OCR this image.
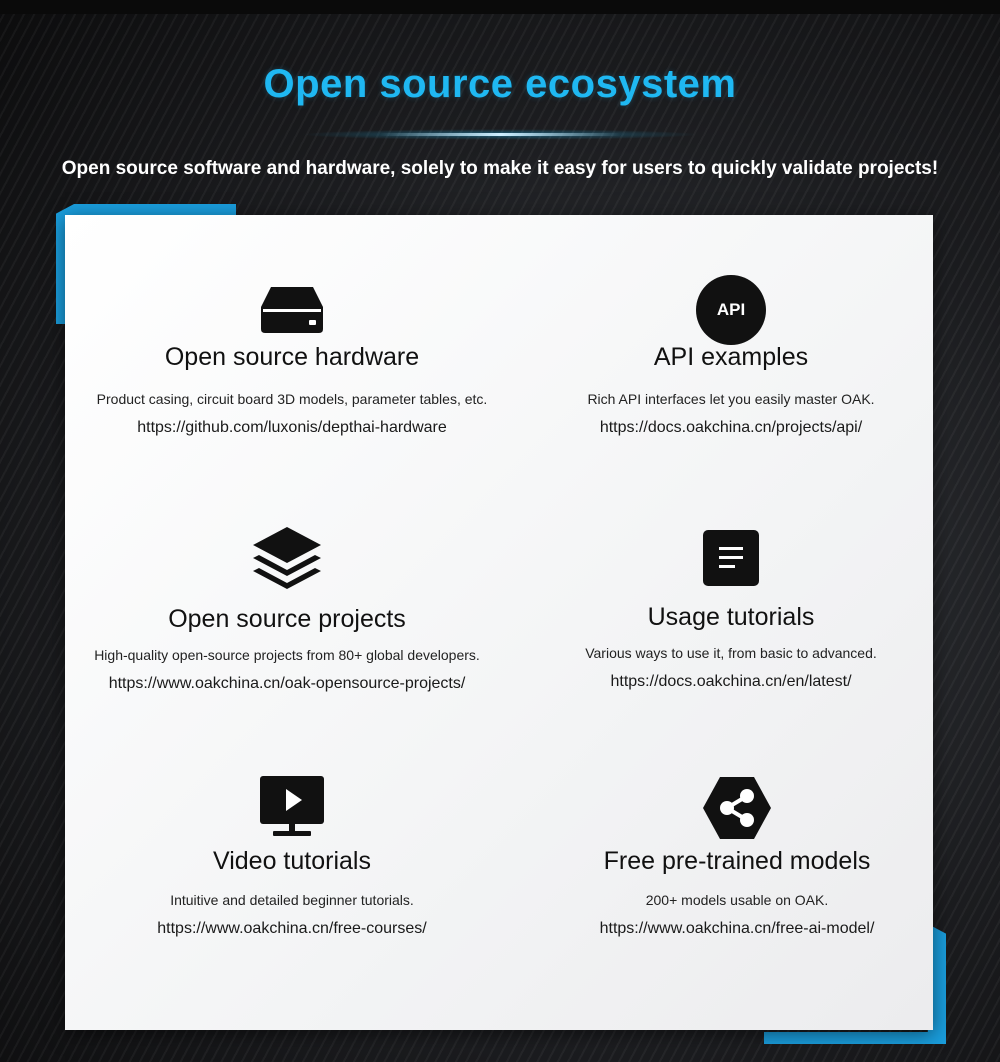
Open source ecosystem
Open source software and hardware, solely to make it easy for users to quickly validate projects!
Open source hardware
Product casing, circuit board 3D models, parameter tables, etc.
https://github.com/luxonis/depthai-hardware
API
API examples
Rich API interfaces let you easily master OAK.
https://docs.oakchina.cn/projects/api/
Open source projects
High-quality open-source projects from 80+ global developers.
https://www.oakchina.cn/oak-opensource-projects/
Usage tutorials
Various ways to use it, from basic to advanced.
https://docs.oakchina.cn/en/latest/
Video tutorials
Intuitive and detailed beginner tutorials.
https://www.oakchina.cn/free-courses/
Free pre-trained models
200+ models usable on OAK.
https://www.oakchina.cn/free-ai-model/
